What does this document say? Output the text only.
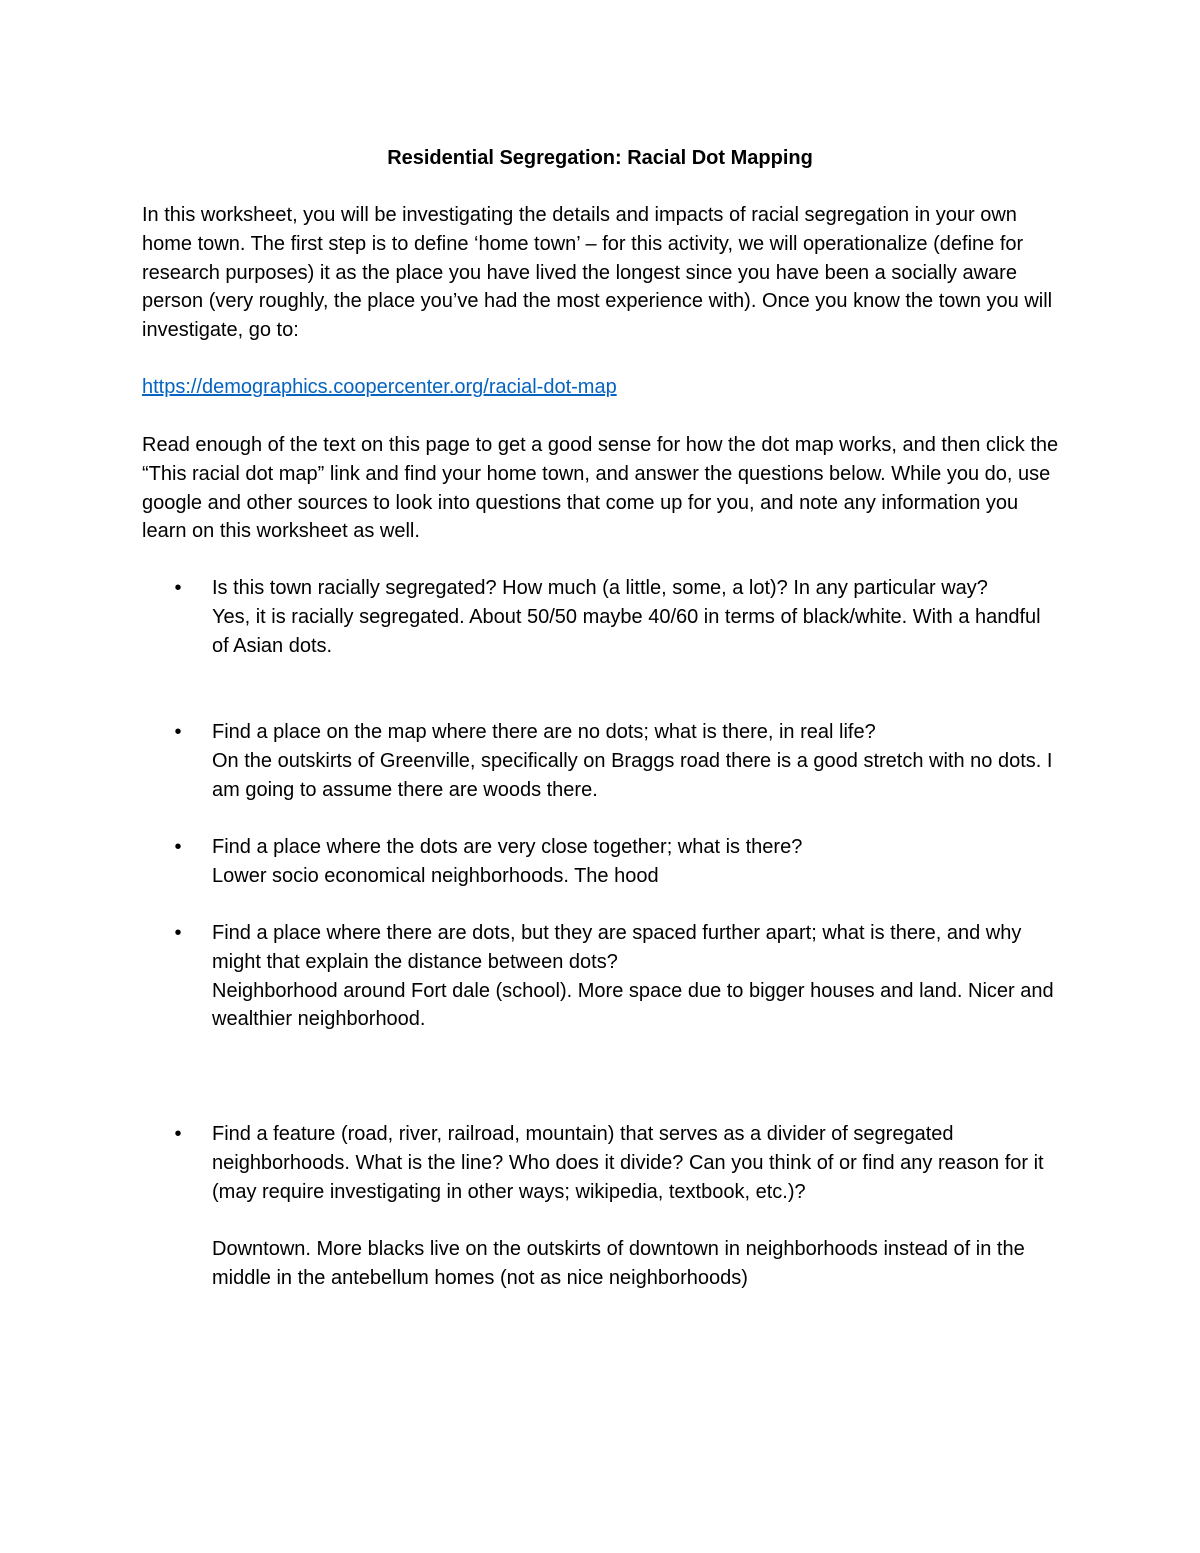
Residential Segregation: Racial Dot Mapping
In this worksheet, you will be investigating the details and impacts of racial segregation in your own home town. The first step is to define ‘home town’ – for this activity, we will operationalize (define for research purposes) it as the place you have lived the longest since you have been a socially aware person (very roughly, the place you’ve had the most experience with). Once you know the town you will investigate, go to:
https://demographics.coopercenter.org/racial-dot-map
Read enough of the text on this page to get a good sense for how the dot map works, and then click the “This racial dot map” link and find your home town, and answer the questions below. While you do, use google and other sources to look into questions that come up for you, and note any information you learn on this worksheet as well.
• Is this town racially segregated? How much (a little, some, a lot)? In any particular way?
Yes, it is racially segregated. About 50/50 maybe 40/60 in terms of black/white. With a handful of Asian dots.
• Find a place on the map where there are no dots; what is there, in real life?
On the outskirts of Greenville, specifically on Braggs road there is a good stretch with no dots. I am going to assume there are woods there.
• Find a place where the dots are very close together; what is there?
Lower socio economical neighborhoods. The hood
• Find a place where there are dots, but they are spaced further apart; what is there, and why might that explain the distance between dots?
Neighborhood around Fort dale (school). More space due to bigger houses and land. Nicer and wealthier neighborhood.
• Find a feature (road, river, railroad, mountain) that serves as a divider of segregated neighborhoods. What is the line? Who does it divide? Can you think of or find any reason for it (may require investigating in other ways; wikipedia, textbook, etc.)?
Downtown. More blacks live on the outskirts of downtown in neighborhoods instead of in the middle in the antebellum homes (not as nice neighborhoods)
